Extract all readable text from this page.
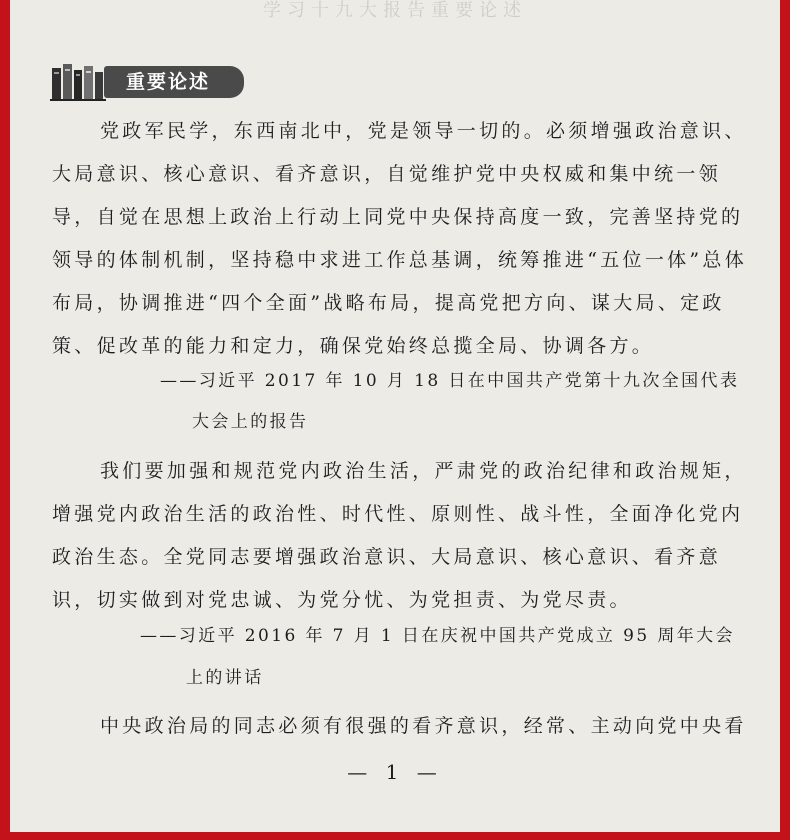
学习十九大报告重要论述
重要论述
党政军民学，东西南北中，党是领导一切的。必须增强政治意识、大局意识、核心意识、看齐意识，自觉维护党中央权威和集中统一领导，自觉在思想上政治上行动上同党中央保持高度一致，完善坚持党的领导的体制机制，坚持稳中求进工作总基调，统筹推进“五位一体”总体布局，协调推进“四个全面”战略布局，提高党把方向、谋大局、定政策、促改革的能力和定力，确保党始终总揽全局、协调各方。
——习近平 2017 年 10 月 18 日在中国共产党第十九次全国代表
大会上的报告
我们要加强和规范党内政治生活，严肃党的政治纪律和政治规矩，增强党内政治生活的政治性、时代性、原则性、战斗性，全面净化党内政治生态。全党同志要增强政治意识、大局意识、核心意识、看齐意识，切实做到对党忠诚、为党分忧、为党担责、为党尽责。
——习近平 2016 年 7 月 1 日在庆祝中国共产党成立 95 周年大会
上的讲话
中央政治局的同志必须有很强的看齐意识，经常、主动向党中央看
— 1 —
